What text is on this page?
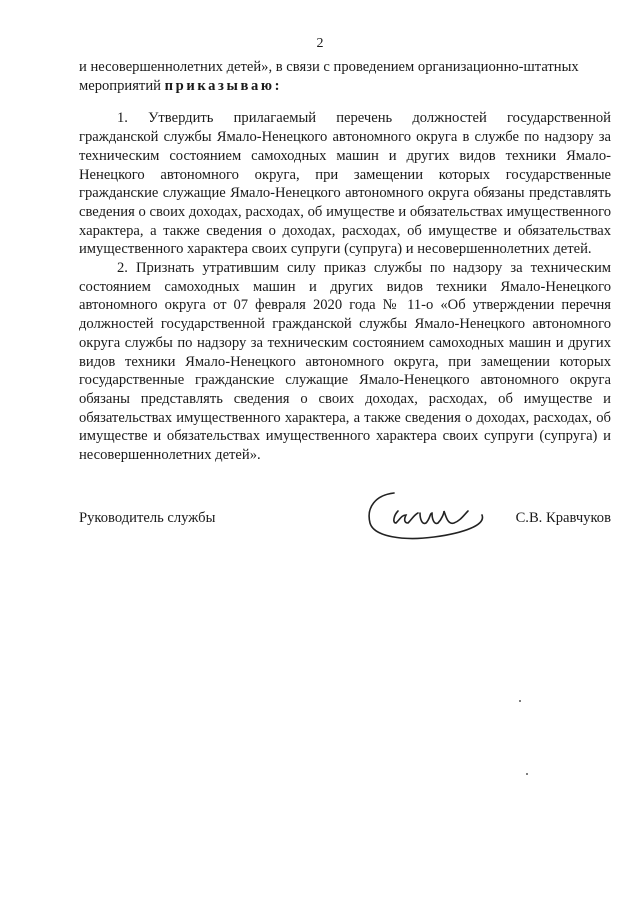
2

и несовершеннолетних детей», в связи с проведением организационно-штатных
мероприятий приказываю:

1. Утвердить прилагаемый перечень должностей государственной гражданской службы Ямало-Ненецкого автономного округа в службе по надзору за техническим состоянием самоходных машин и других видов техники Ямало-Ненецкого автономного округа, при замещении которых государственные гражданские служащие Ямало-Ненецкого автономного округа обязаны представлять сведения о своих доходах, расходах, об имуществе и обязательствах имущественного характера, а также сведения о доходах, расходах, об имуществе и обязательствах имущественного характера своих супруги (супруга) и несовершеннолетних детей.

2. Признать утратившим силу приказ службы по надзору за техническим состоянием самоходных машин и других видов техники Ямало-Ненецкого автономного округа от 07 февраля 2020 года № 11-о «Об утверждении перечня должностей государственной гражданской службы Ямало-Ненецкого автономного округа службы по надзору за техническим состоянием самоходных машин и других видов техники Ямало-Ненецкого автономного округа, при замещении которых государственные гражданские служащие Ямало-Ненецкого автономного округа обязаны представлять сведения о своих доходах, расходах, об имуществе и обязательствах имущественного характера, а также сведения о доходах, расходах, об имуществе и обязательствах имущественного характера своих супруги (супруга) и несовершеннолетних детей».

Руководитель службы	С.В. Кравчуков
